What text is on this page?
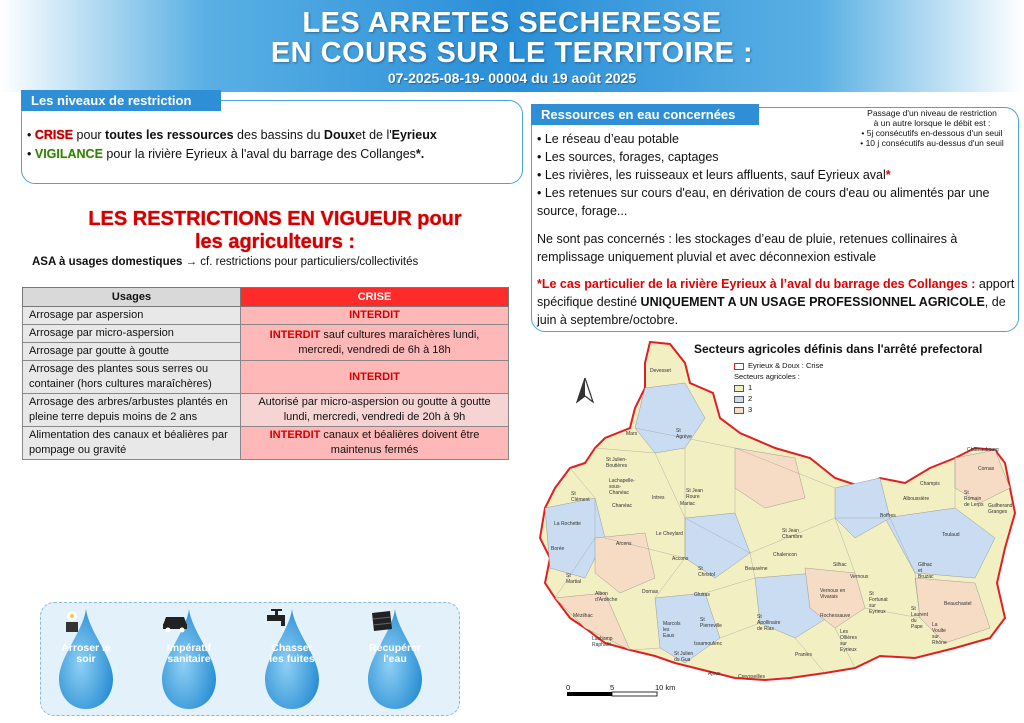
LES ARRETES SECHERESSE
EN COURS SUR LE TERRITOIRE :
07-2025-08-19- 00004 du 19 août 2025
Les niveaux de restriction
• CRISE pour toutes les ressources des bassins du Douxet de l'Eyrieux
• VIGILANCE pour la rivière Eyrieux à l'aval du barrage des Collanges*.
LES RESTRICTIONS EN VIGUEUR pour
les agriculteurs :
ASA à usages domestiques → cf. restrictions pour particuliers/collectivités
Usages	CRISE
Arrosage par aspersion	INTERDIT
Arrosage par micro-aspersion	INTERDIT sauf cultures maraîchères lundi, mercredi, vendredi de 6h à 18h
Arrosage par goutte à goutte	
Arrosage des plantes sous serres ou container (hors cultures maraîchères)	INTERDIT
Arrosage des arbres/arbustes plantés en pleine terre depuis moins de 2 ans	Autorisé par micro-aspersion ou goutte à goutte lundi, mercredi, vendredi de 20h à 9h
Alimentation des canaux et béalières par pompage ou gravité	INTERDIT canaux et béalières doivent être maintenus fermés
Ressources en eau concernées	Passage d'un niveau de restriction
à un autre lorsque le débit est :
• 5j consécutifs en-dessous d'un seuil
• 10 j consécutifs au-dessus d'un seuil
• Le réseau d’eau potable
• Les sources, forages, captages
• Les rivières, les ruisseaux et leurs affluents, sauf Eyrieux aval*
• Les retenues sur cours d'eau, en dérivation de cours d'eau ou alimentés par une source, forage...
Ne sont pas concernés : les stockages d’eau de pluie, retenues collinaires à remplissage uniquement pluvial et avec déconnexion estivale
*Le cas particulier de la rivière Eyrieux à l’aval du barrage des Collanges : apport spécifique destiné UNIQUEMENT A UN USAGE PROFESSIONNEL AGRICOLE, de juin à septembre/octobre.
Secteurs agricoles définis dans l'arrêté prefectoral
Eyrieux & Doux : Crise
Secteurs agricoles :
1
2
3
Devesset
Mars	St Agrève
St Julien-Boutières
Lachapelle-sous-Chanéac
St Clément
Chanéac
Intres
St Jean Roure
Mariac
La Rochette
Borée
Arcens
St Martial
Le Cheylard
Accons
Mézilhac
Dornas
Albon d'Ardèche
Lachamp Raphaël
Marcols les Eaux
Gluiras
St Pierreville
Issamoulenc
St Julien du Gua
Ajoux	Creysseilles
Beauvène
St Christol
Chalencon
Pranles
Boffres
Silhac
Vernoux en Vivarais
Gilhac et Bruzac
St Fortunat sur Eyrieux
Les Ollières sur Eyrieux
St Laurent du Pape
Beauchastel
La Voulte sur Rhône
Toulaud
Alboussière
Champis
St Romain de Lerps
Cornas
Guilherand Granges
Châteaubourg
Vernoux
St Jean Chambre
St Apollinaire de Rias
Rochessauve
0	5	10 km
Arroser le soir
Impératif sanitaire
Chasser les fuites
Récupérer l'eau
